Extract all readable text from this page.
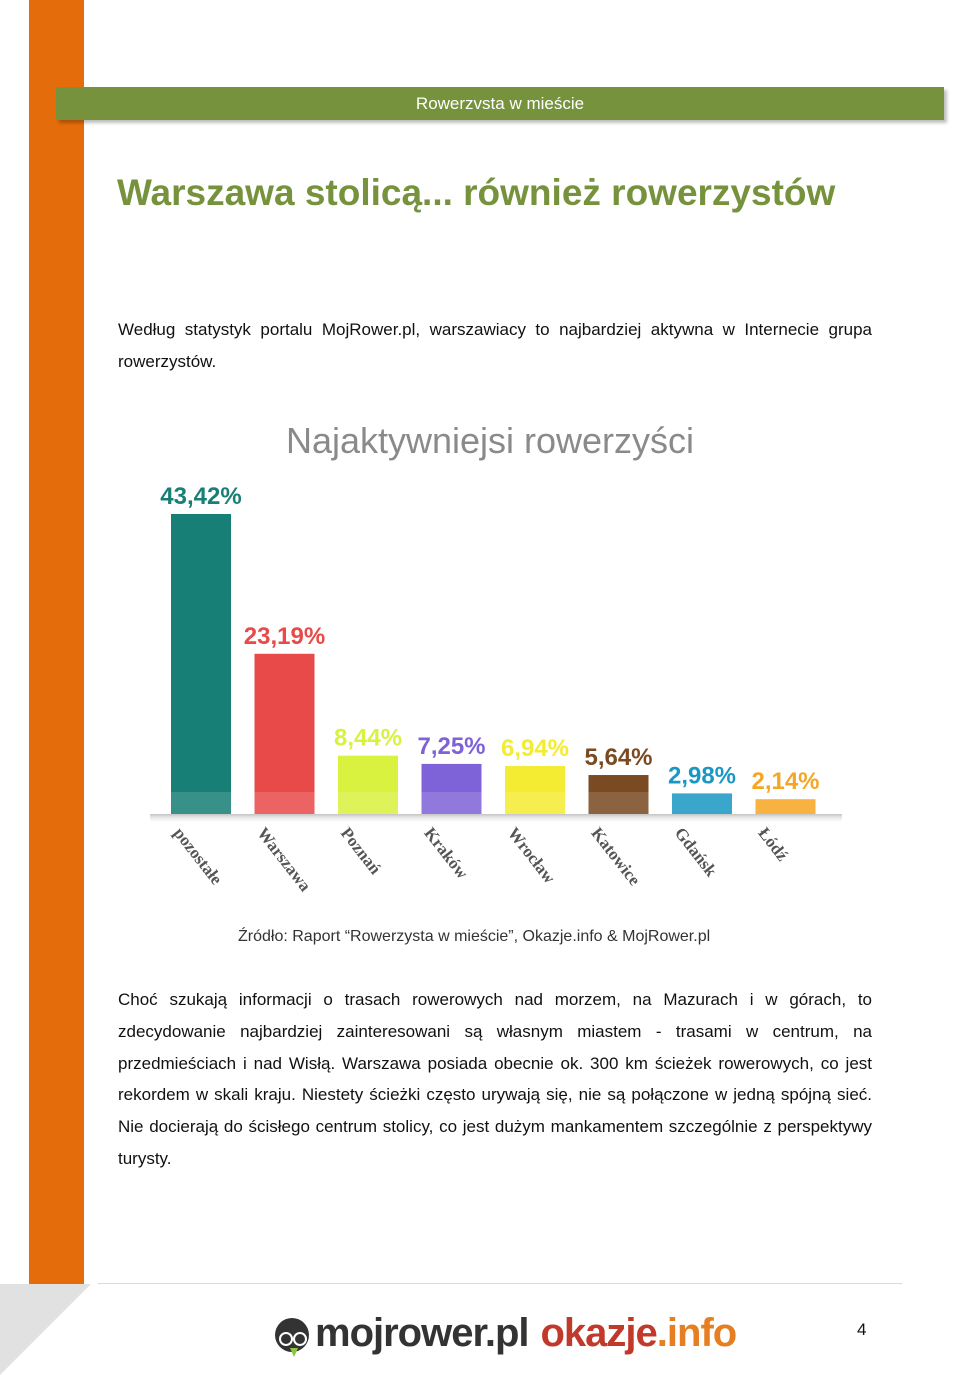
Rowerzvsta w mieście
Warszawa stolicą... również rowerzystów

Według statystyk portalu MojRower.pl, warszawiacy to najbardziej aktywna w Internecie grupa rowerzystów.

Najaktywniejsi rowerzyści
43,42%
pozostałe
23,19%
Warszawa
8,44%
Poznań
7,25%
Kraków
6,94%
Wrocław
5,64%
Katowice
2,98%
Gdańsk
2,14%
Łódź
Źródło: Raport “Rowerzysta w mieście”, Okazje.info & MojRower.pl

Choć szukają informacji o trasach rowerowych nad morzem, na Mazurach i w górach, to zdecydowanie najbardziej zainteresowani są własnym miastem - trasami w centrum, na przedmieściach i nad Wisłą. Warszawa posiada obecnie ok. 300 km ścieżek rowerowych, co jest rekordem w skali kraju. Niestety ścieżki często urywają się, nie są połączone w jedną spójną sieć. Nie docierają do ścisłego centrum stolicy, co jest dużym mankamentem szczególnie z perspektywy turysty.

mojrower.pl okazje.info	4
